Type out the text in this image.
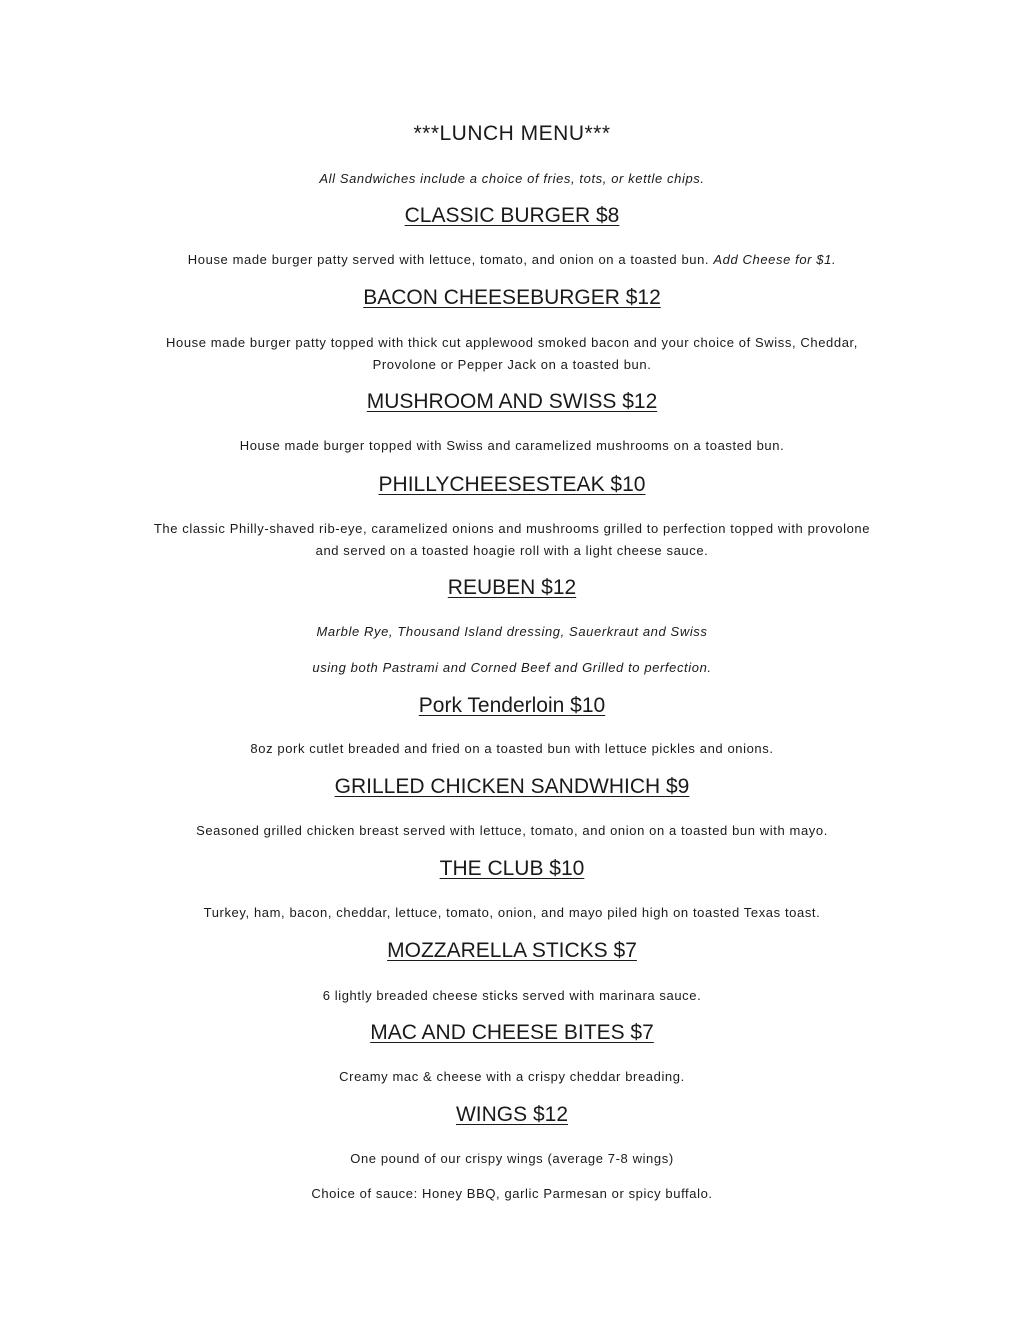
***LUNCH MENU***
All Sandwiches include a choice of fries, tots, or kettle chips.
CLASSIC BURGER $8
House made burger patty served with lettuce, tomato, and onion on a toasted bun. Add Cheese for $1.
BACON CHEESEBURGER $12
House made burger patty topped with thick cut applewood smoked bacon and your choice of Swiss, Cheddar,
Provolone or Pepper Jack on a toasted bun.
MUSHROOM AND SWISS $12
House made burger topped with Swiss and caramelized mushrooms on a toasted bun.
PHILLYCHEESESTEAK $10
The classic Philly-shaved rib-eye, caramelized onions and mushrooms grilled to perfection topped with provolone
and served on a toasted hoagie roll with a light cheese sauce.
REUBEN $12
Marble Rye, Thousand Island dressing, Sauerkraut and Swiss
using both Pastrami and Corned Beef and Grilled to perfection.
Pork Tenderloin $10
8oz pork cutlet breaded and fried on a toasted bun with lettuce pickles and onions.
GRILLED CHICKEN SANDWHICH $9
Seasoned grilled chicken breast served with lettuce, tomato, and onion on a toasted bun with mayo.
THE CLUB $10
Turkey, ham, bacon, cheddar, lettuce, tomato, onion, and mayo piled high on toasted Texas toast.
MOZZARELLA STICKS $7
6 lightly breaded cheese sticks served with marinara sauce.
MAC AND CHEESE BITES $7
Creamy mac & cheese with a crispy cheddar breading.
WINGS $12
One pound of our crispy wings (average 7-8 wings)
Choice of sauce: Honey BBQ, garlic Parmesan or spicy buffalo.
